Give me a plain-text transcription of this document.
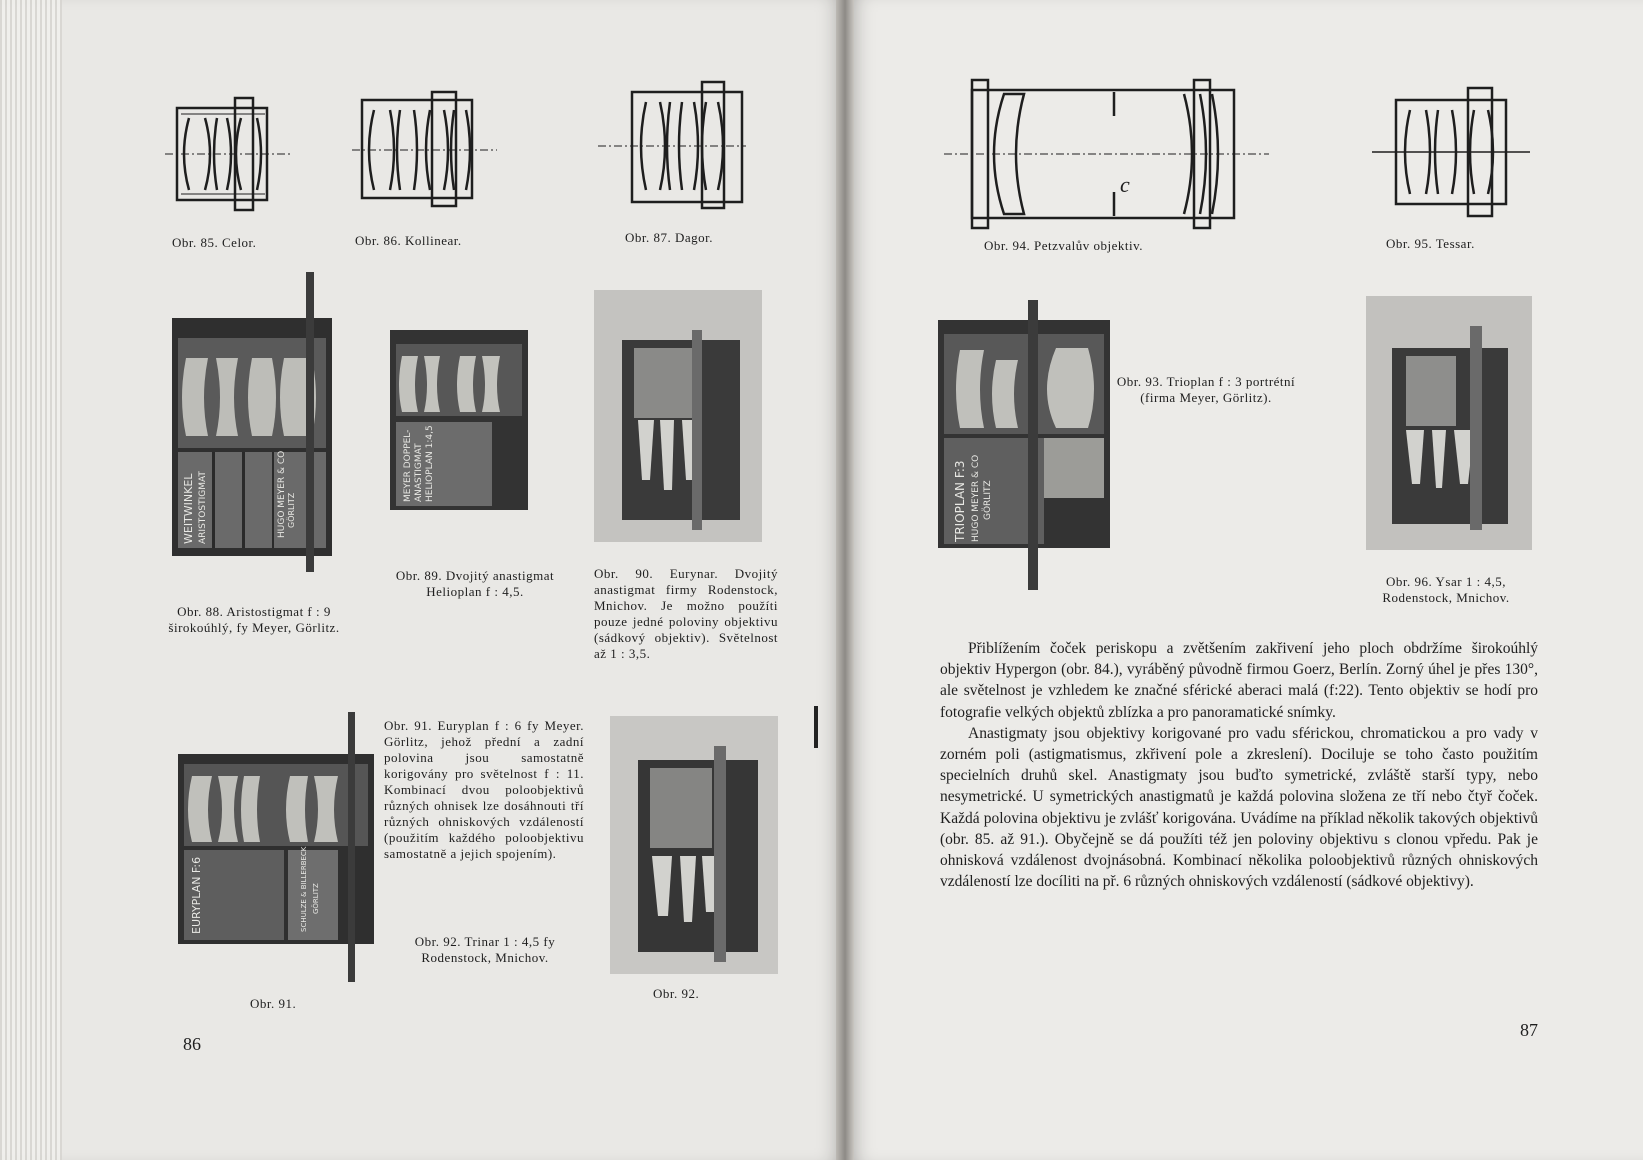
Obr. 85. Celor.	Obr. 86. Kollinear.	Obr. 87. Dagor.
WEITWINKEL ARISTOSTIGMAT	HUGO MEYER & CO GÖRLITZ
Obr. 88. Aristostigmat f : 9 širokoúhlý, fy Meyer, Görlitz.
MEYER DOPPEL- ANASTIGMAT HELIOPLAN 1:4,5
Obr. 89. Dvojitý anastigmat Helioplan f : 4,5.
Obr. 90. Eurynar. Dvojitý anastigmat firmy Rodenstock, Mnichov. Je možno použíti pouze jedné poloviny objektivu (sádkový objektiv). Světelnost až 1 : 3,5.
EURYPLAN F:6	SCHULZE & BILLERBECK GÖRLITZ
Obr. 91.
Obr. 91. Euryplan f : 6 fy Meyer. Görlitz, jehož přední a zadní polovina jsou samostatně korigovány pro světelnost f : 11. Kombinací dvou poloobjektivů různých ohnisek lze dosáhnouti tří různých ohniskových vzdáleností (použitím každého poloobjektivu samostatně a jejich spojením).
Obr. 92. Trinar 1 : 4,5 fy Rodenstock, Mnichov.
Obr. 92.
86
c
Obr. 94. Petzvalův objektiv.	Obr. 95. Tessar.
TRIOPLAN F:3 HUGO MEYER & CO GÖRLITZ
Obr. 93. Trioplan f : 3 portrétní (firma Meyer, Görlitz).
Obr. 96. Ysar 1 : 4,5, Rodenstock, Mnichov.

Přiblížením čoček periskopu a zvětšením zakřivení jeho ploch obdržíme širokoúhlý objektiv Hypergon (obr. 84.), vyráběný původně firmou Goerz, Berlín. Zorný úhel je přes 130°, ale světelnost je vzhledem ke značné sférické aberaci malá (f:22). Tento objektiv se hodí pro fotografie velkých objektů zblízka a pro panoramatické snímky.

Anastigmaty jsou objektivy korigované pro vadu sférickou, chromatickou a pro vady v zorném poli (astigmatismus, zkřivení pole a zkreslení). Dociluje se toho často použitím specielních druhů skel. Anastigmaty jsou buďto symetrické, zvláště starší typy, nebo nesymetrické. U symetrických anastigmatů je každá polovina složena ze tří nebo čtyř čoček. Každá polovina objektivu je zvlášť korigována. Uvádíme na příklad několik takových objektivů (obr. 85. až 91.). Obyčejně se dá použíti též jen poloviny objektivu s clonou vpředu. Pak je ohnisková vzdálenost dvojnásobná. Kombinací několika poloobjektivů různých ohniskových vzdáleností lze docíliti na př. 6 různých ohniskových vzdáleností (sádkové objektivy).

87
